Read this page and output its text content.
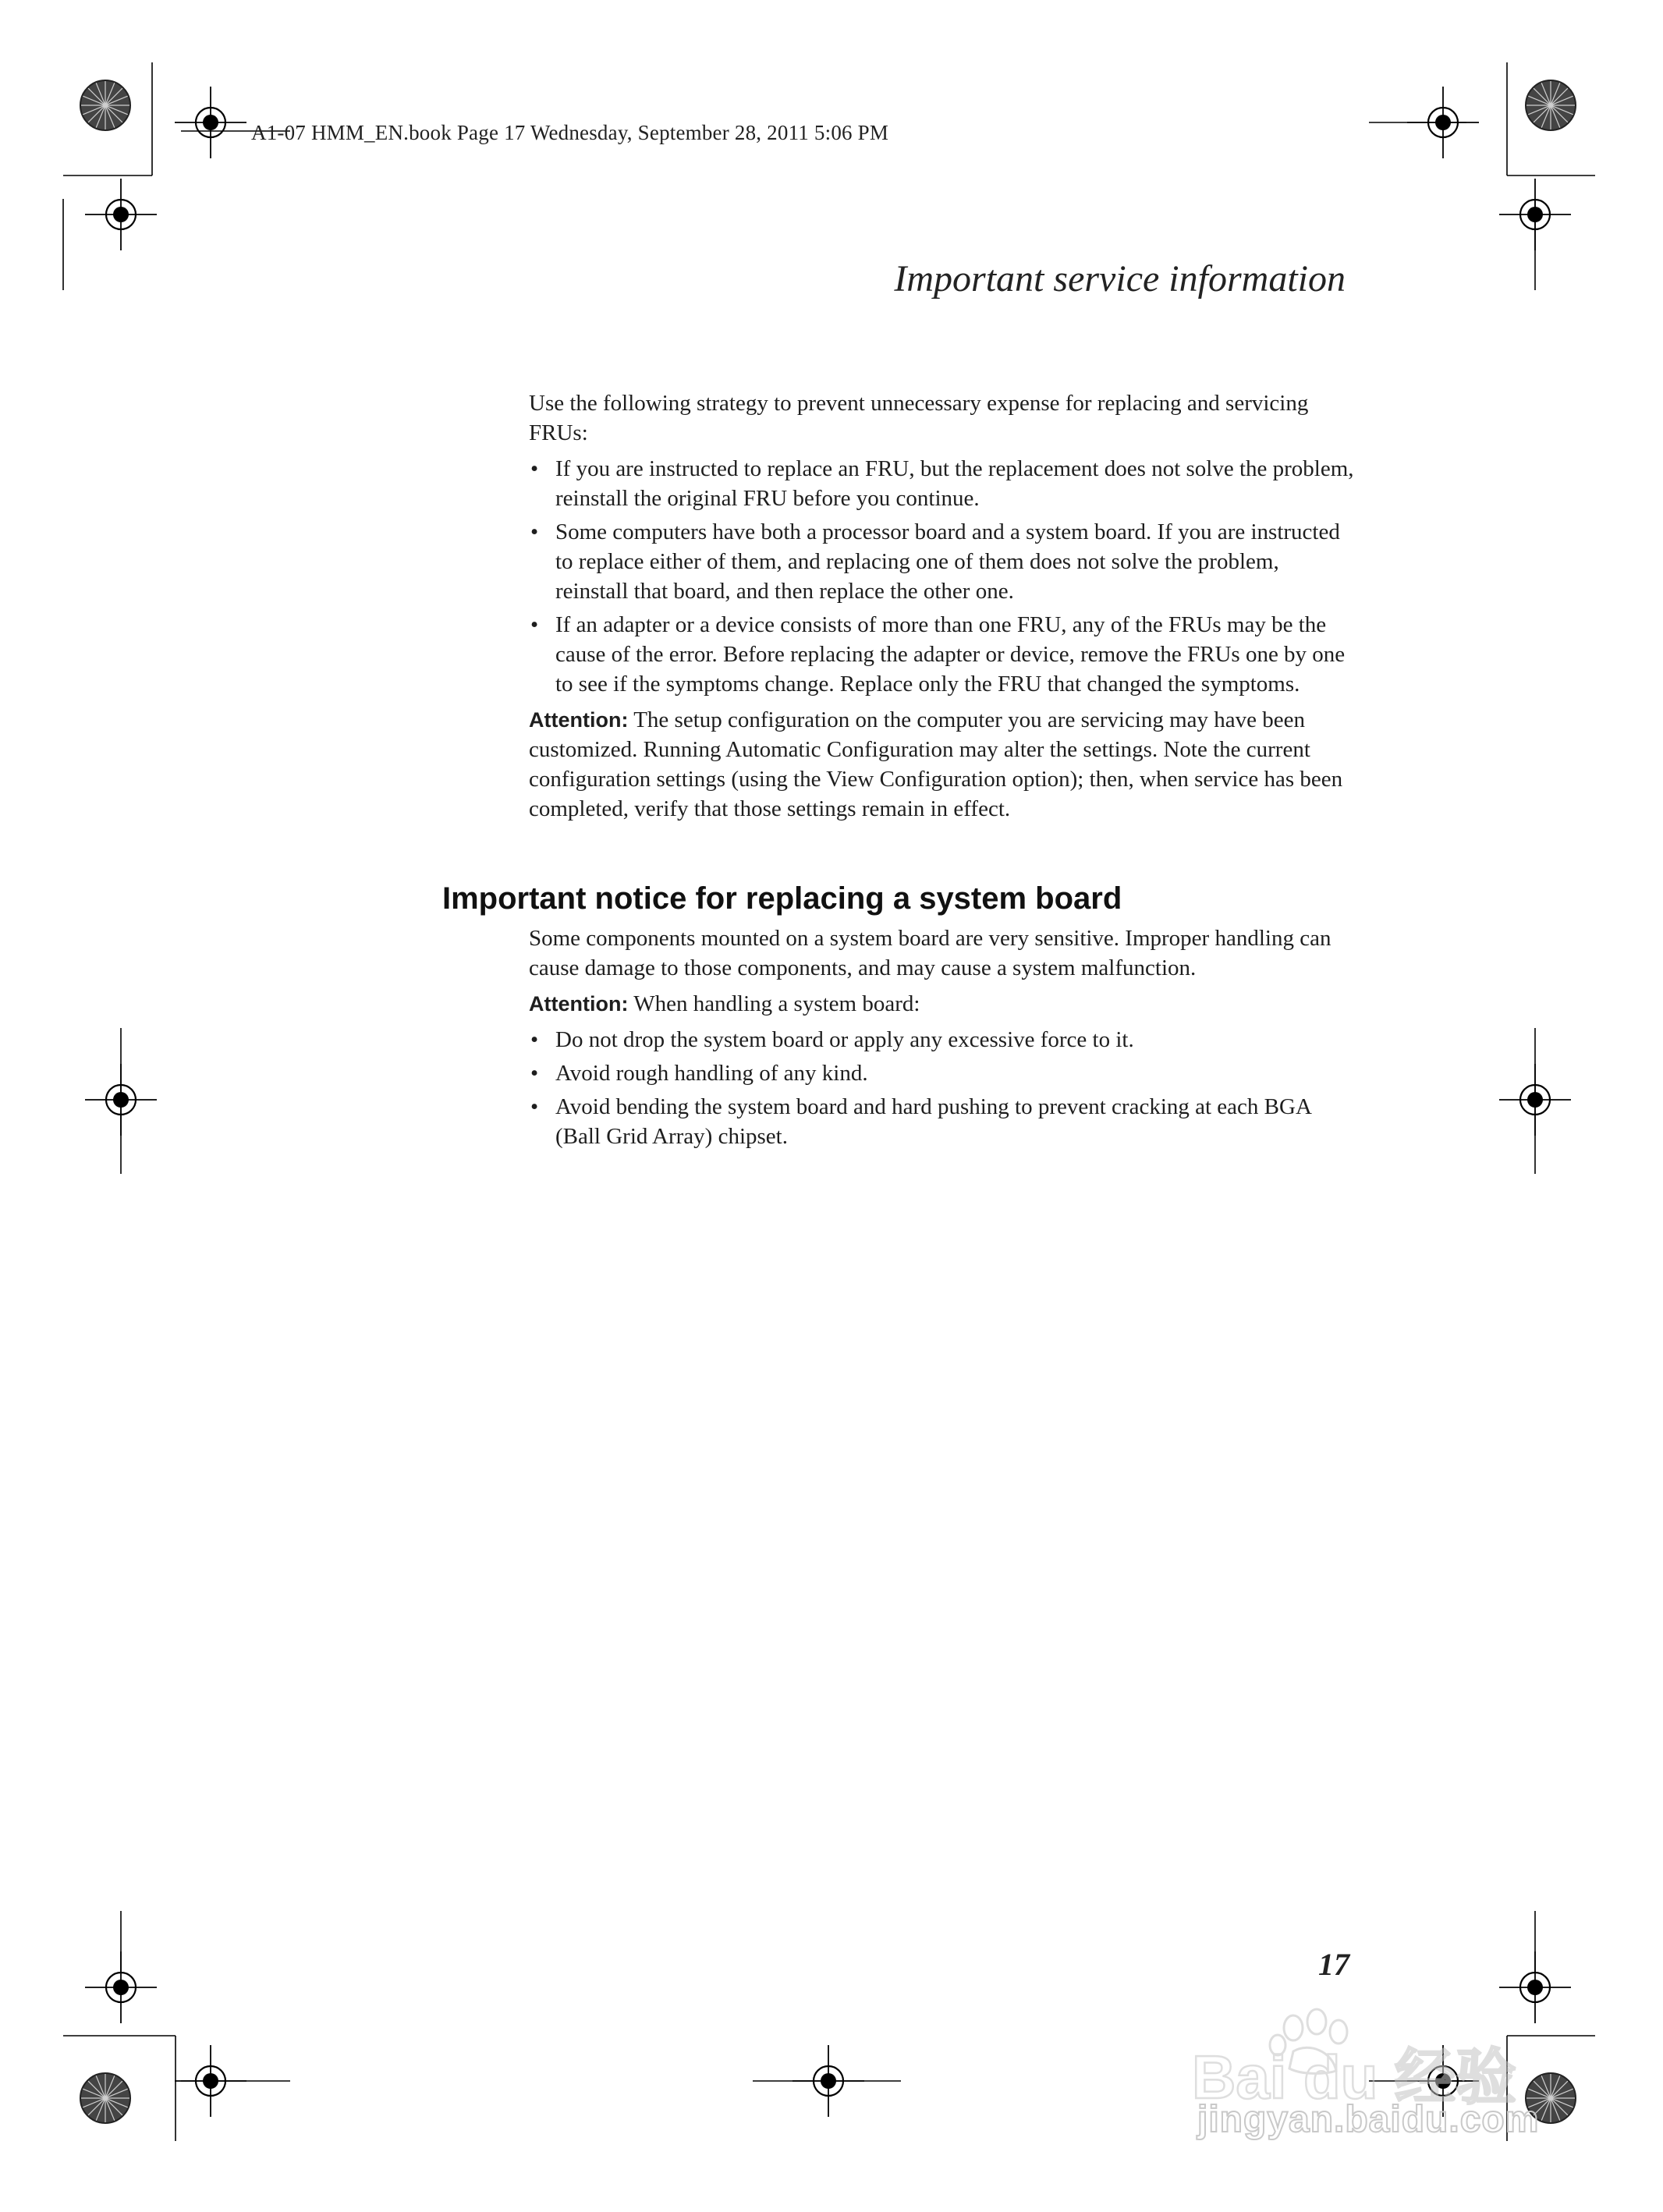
A1-07 HMM_EN.book Page 17 Wednesday, September 28, 2011 5:06 PM
Important service information

Use the following strategy to prevent unnecessary expense for replacing and servicing FRUs:

• If you are instructed to replace an FRU, but the replacement does not solve the problem, reinstall the original FRU before you continue.
• Some computers have both a processor board and a system board. If you are instructed to replace either of them, and replacing one of them does not solve the problem, reinstall that board, and then replace the other one.
• If an adapter or a device consists of more than one FRU, any of the FRUs may be the cause of the error. Before replacing the adapter or device, remove the FRUs one by one to see if the symptoms change. Replace only the FRU that changed the symptoms.

Attention: The setup configuration on the computer you are servicing may have been customized. Running Automatic Configuration may alter the settings. Note the current configuration settings (using the View Configuration option); then, when service has been completed, verify that those settings remain in effect.

Important notice for replacing a system board

Some components mounted on a system board are very sensitive. Improper handling can cause damage to those components, and may cause a system malfunction.

Attention: When handling a system board:

• Do not drop the system board or apply any excessive force to it.
• Avoid rough handling of any kind.
• Avoid bending the system board and hard pushing to prevent cracking at each BGA (Ball Grid Array) chipset.
17
Bai du 经验
jingyan.baidu.com
